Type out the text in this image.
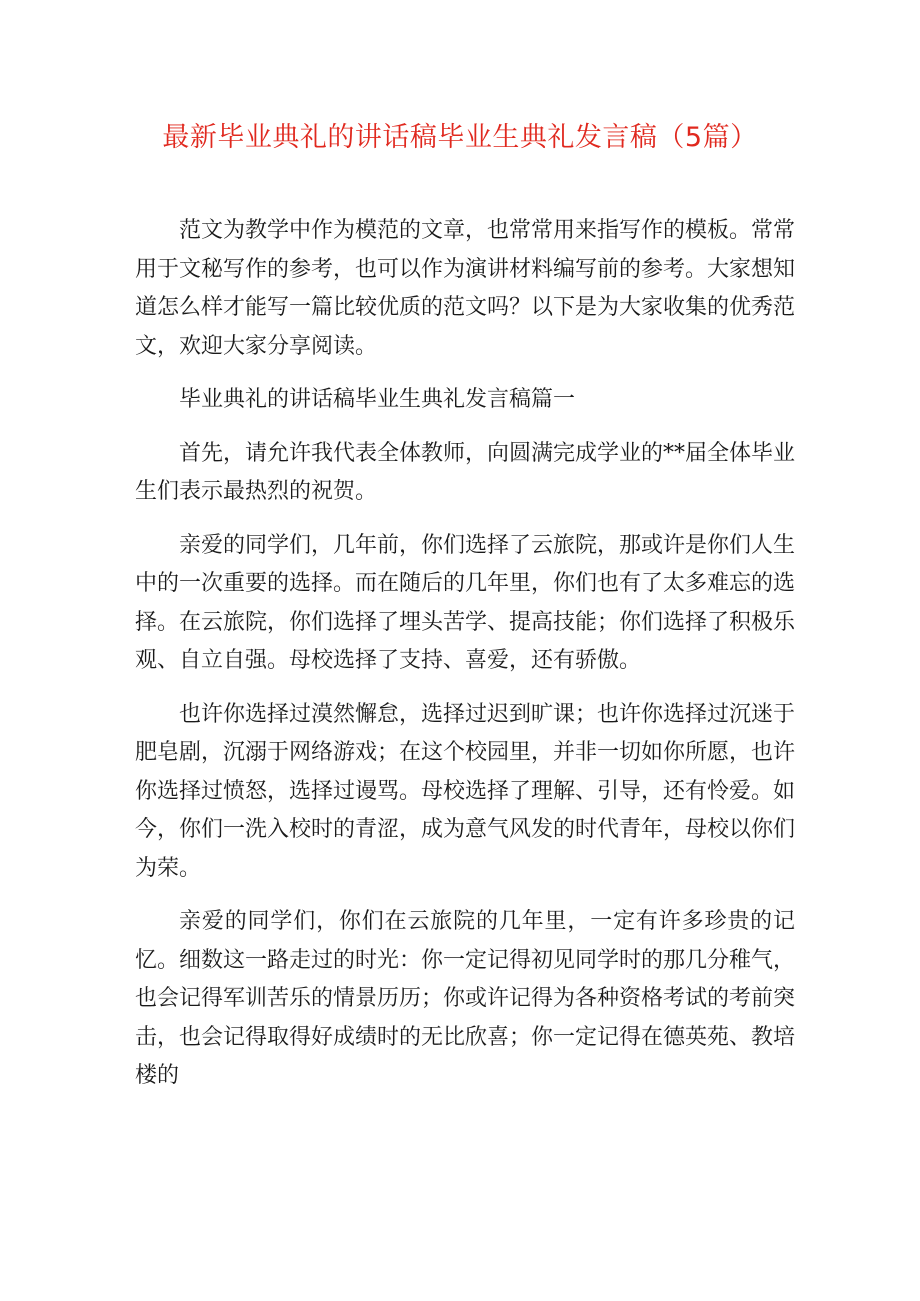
最新毕业典礼的讲话稿毕业生典礼发言稿（5篇）

范文为教学中作为模范的文章，也常常用来指写作的模板。常常用于文秘写作的参考，也可以作为演讲材料编写前的参考。大家想知道怎么样才能写一篇比较优质的范文吗？以下是为大家收集的优秀范文，欢迎大家分享阅读。

毕业典礼的讲话稿毕业生典礼发言稿篇一

首先，请允许我代表全体教师，向圆满完成学业的**届全体毕业生们表示最热烈的祝贺。

亲爱的同学们，几年前，你们选择了云旅院，那或许是你们人生中的一次重要的选择。而在随后的几年里，你们也有了太多难忘的选择。在云旅院，你们选择了埋头苦学、提高技能；你们选择了积极乐观、自立自强。母校选择了支持、喜爱，还有骄傲。

也许你选择过漠然懈怠，选择过迟到旷课；也许你选择过沉迷于肥皂剧，沉溺于网络游戏；在这个校园里，并非一切如你所愿，也许你选择过愤怒，选择过谩骂。母校选择了理解、引导，还有怜爱。如今，你们一洗入校时的青涩，成为意气风发的时代青年，母校以你们为荣。

亲爱的同学们，你们在云旅院的几年里，一定有许多珍贵的记忆。细数这一路走过的时光：你一定记得初见同学时的那几分稚气，也会记得军训苦乐的情景历历；你或许记得为各种资格考试的考前突击，也会记得取得好成绩时的无比欣喜；你一定记得在德英苑、教培楼的
